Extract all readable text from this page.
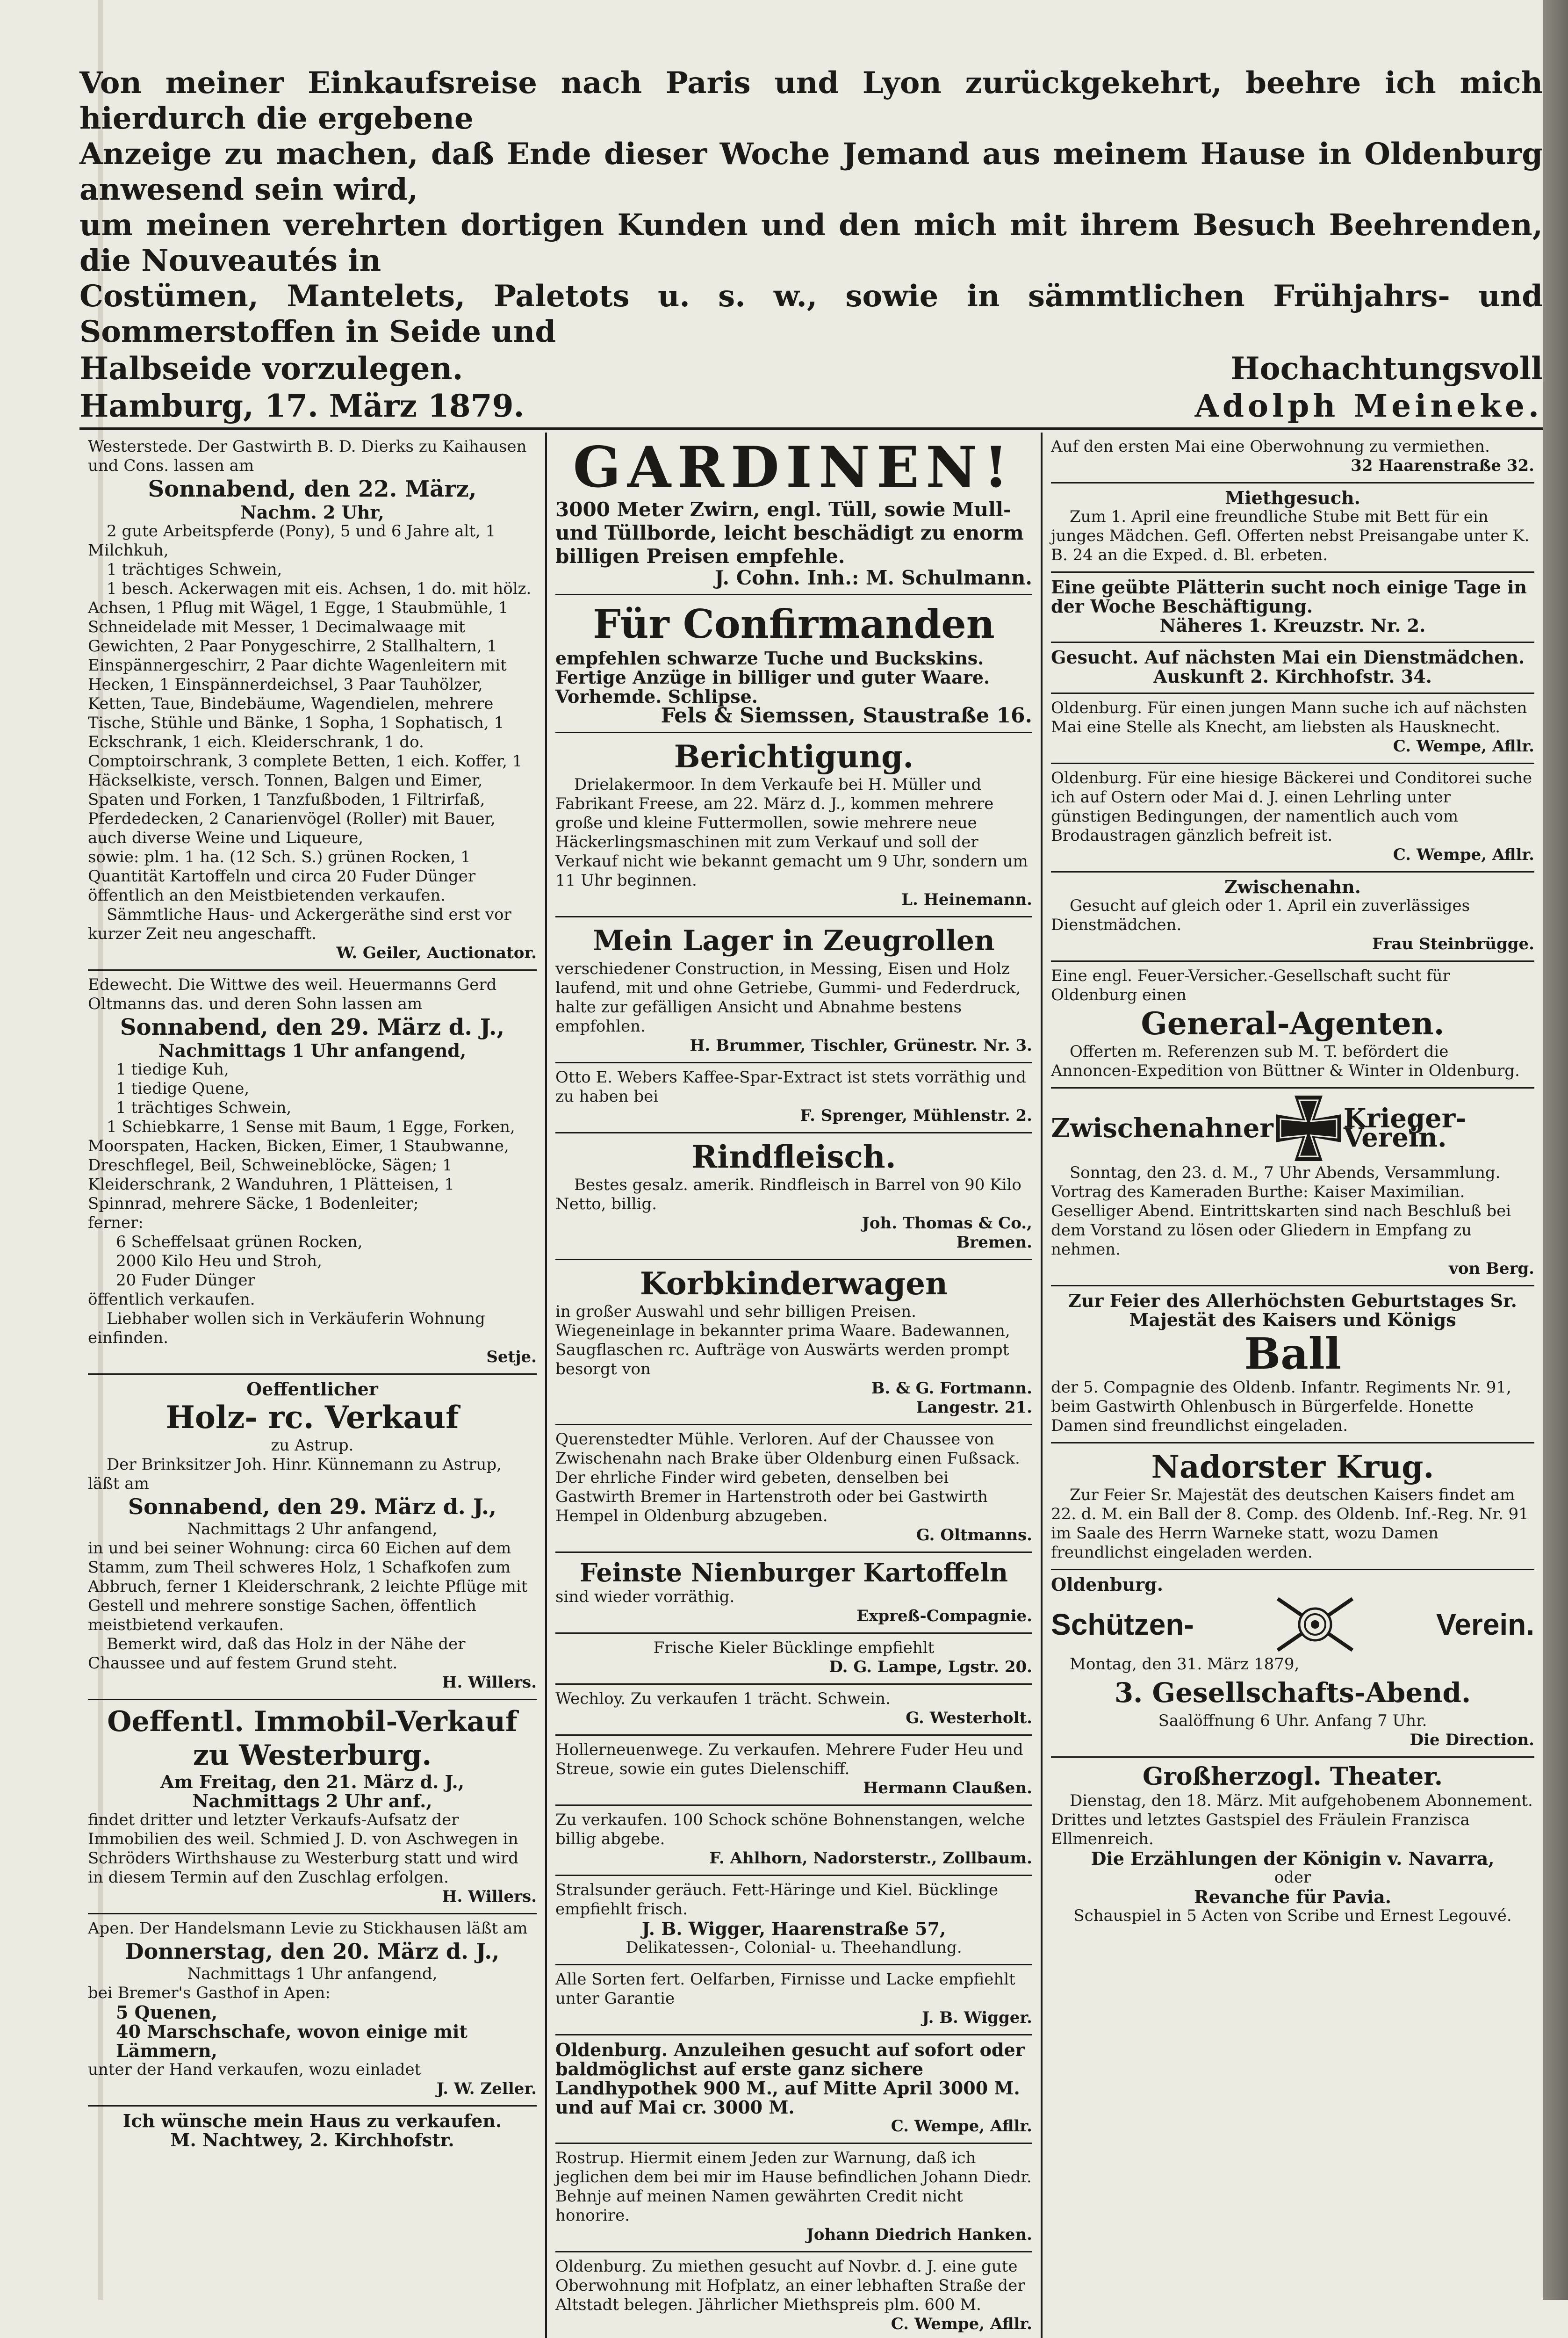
Von meiner Einkaufsreise nach Paris und Lyon zurückgekehrt, beehre ich mich hierdurch die ergebene

Anzeige zu machen, daß Ende dieser Woche Jemand aus meinem Hause in Oldenburg anwesend sein wird,

um meinen verehrten dortigen Kunden und den mich mit ihrem Besuch Beehrenden, die Nouveautés in

Costümen, Mantelets, Paletots u. s. w., sowie in sämmtlichen Frühjahrs- und Sommerstoffen in Seide und

Halbseide vorzulegen.	Hochachtungsvoll
Hamburg, 17. März 1879.	Adolph Meineke.

Westerstede. Der Gastwirth B. D. Dierks zu Kaihausen und Cons. lassen am

Sonnabend, den 22. März,

Nachm. 2 Uhr,

2 gute Arbeitspferde (Pony), 5 und 6 Jahre alt, 1 Milchkuh,

1 trächtiges Schwein,

1 besch. Ackerwagen mit eis. Achsen, 1 do. mit hölz. Achsen, 1 Pflug mit Wägel, 1 Egge, 1 Staubmühle, 1 Schneidelade mit Messer, 1 Decimalwaage mit Gewichten, 2 Paar Ponygeschirre, 2 Stallhaltern, 1 Einspännergeschirr, 2 Paar dichte Wagenleitern mit Hecken, 1 Einspännerdeichsel, 3 Paar Tauhölzer, Ketten, Taue, Bindebäume, Wagendielen, mehrere Tische, Stühle und Bänke, 1 Sopha, 1 Sophatisch, 1 Eckschrank, 1 eich. Kleiderschrank, 1 do. Comptoirschrank, 3 complete Betten, 1 eich. Koffer, 1 Häckselkiste, versch. Tonnen, Balgen und Eimer, Spaten und Forken, 1 Tanzfußboden, 1 Filtrirfaß, Pferdedecken, 2 Canarienvögel (Roller) mit Bauer, auch diverse Weine und Liqueure,

sowie: plm. 1 ha. (12 Sch. S.) grünen Rocken, 1 Quantität Kartoffeln und circa 20 Fuder Dünger öffentlich an den Meistbietenden verkaufen.

Sämmtliche Haus- und Ackergeräthe sind erst vor kurzer Zeit neu angeschafft.

W. Geiler, Auctionator.

Edewecht. Die Wittwe des weil. Heuermanns Gerd Oltmanns das. und deren Sohn lassen am

Sonnabend, den 29. März d. J.,

Nachmittags 1 Uhr anfangend,

1 tiedige Kuh,

1 tiedige Quene,

1 trächtiges Schwein,

1 Schiebkarre, 1 Sense mit Baum, 1 Egge, Forken, Moorspaten, Hacken, Bicken, Eimer, 1 Staubwanne, Dreschflegel, Beil, Schweineblöcke, Sägen; 1 Kleiderschrank, 2 Wanduhren, 1 Plätteisen, 1 Spinnrad, mehrere Säcke, 1 Bodenleiter;

ferner:

6 Scheffelsaat grünen Rocken,

2000 Kilo Heu und Stroh,

20 Fuder Dünger

öffentlich verkaufen.

Liebhaber wollen sich in Verkäuferin Wohnung einfinden.

Setje.

Oeffentlicher

Holz- rc. Verkauf

zu Astrup.

Der Brinksitzer Joh. Hinr. Künnemann zu Astrup, läßt am

Sonnabend, den 29. März d. J.,

Nachmittags 2 Uhr anfangend,

in und bei seiner Wohnung: circa 60 Eichen auf dem Stamm, zum Theil schweres Holz, 1 Schafkofen zum Abbruch, ferner 1 Kleiderschrank, 2 leichte Pflüge mit Gestell und mehrere sonstige Sachen, öffentlich meistbietend verkaufen.

Bemerkt wird, daß das Holz in der Nähe der Chaussee und auf festem Grund steht.

H. Willers.

Oeffentl. Immobil-Verkauf zu Westerburg.

Am Freitag, den 21. März d. J.,

Nachmittags 2 Uhr anf.,

findet dritter und letzter Verkaufs-Aufsatz der Immobilien des weil. Schmied J. D. von Aschwegen in Schröders Wirthshause zu Westerburg statt und wird in diesem Termin auf den Zuschlag erfolgen.

H. Willers.

Apen. Der Handelsmann Levie zu Stickhausen läßt am

Donnerstag, den 20. März d. J.,

Nachmittags 1 Uhr anfangend,

bei Bremer's Gasthof in Apen:

5 Quenen,

40 Marschschafe, wovon einige mit Lämmern,

unter der Hand verkaufen, wozu einladet

J. W. Zeller.

Ich wünsche mein Haus zu verkaufen.

M. Nachtwey, 2. Kirchhofstr.

GARDINEN!

3000 Meter Zwirn, engl. Tüll, sowie Mull- und Tüllborde, leicht beschädigt zu enorm billigen Preisen empfehle.

J. Cohn. Inh.: M. Schulmann.

Für Confirmanden

empfehlen schwarze Tuche und Buckskins. Fertige Anzüge in billiger und guter Waare. Vorhemde. Schlipse.

Fels & Siemssen, Staustraße 16.

Berichtigung.

Drielakermoor. In dem Verkaufe bei H. Müller und Fabrikant Freese, am 22. März d. J., kommen mehrere große und kleine Futtermollen, sowie mehrere neue Häckerlingsmaschinen mit zum Verkauf und soll der Verkauf nicht wie bekannt gemacht um 9 Uhr, sondern um 11 Uhr beginnen.

L. Heinemann.

Mein Lager in Zeugrollen

verschiedener Construction, in Messing, Eisen und Holz laufend, mit und ohne Getriebe, Gummi- und Federdruck, halte zur gefälligen Ansicht und Abnahme bestens empfohlen.

H. Brummer, Tischler, Grünestr. Nr. 3.

Otto E. Webers Kaffee-Spar-Extract ist stets vorräthig und zu haben bei

F. Sprenger, Mühlenstr. 2.

Rindfleisch.

Bestes gesalz. amerik. Rindfleisch in Barrel von 90 Kilo Netto, billig.

Joh. Thomas & Co.,

Bremen.

Korbkinderwagen

in großer Auswahl und sehr billigen Preisen. Wiegeneinlage in bekannter prima Waare. Badewannen, Saugflaschen rc. Aufträge von Auswärts werden prompt besorgt von

B. & G. Fortmann.

Langestr. 21.

Querenstedter Mühle. Verloren. Auf der Chaussee von Zwischenahn nach Brake über Oldenburg einen Fußsack. Der ehrliche Finder wird gebeten, denselben bei Gastwirth Bremer in Hartenstroth oder bei Gastwirth Hempel in Oldenburg abzugeben.

G. Oltmanns.

Feinste Nienburger Kartoffeln

sind wieder vorräthig.

Expreß-Compagnie.

Frische Kieler Bücklinge empfiehlt

D. G. Lampe, Lgstr. 20.

Wechloy. Zu verkaufen 1 trächt. Schwein.

G. Westerholt.

Hollerneuenwege. Zu verkaufen. Mehrere Fuder Heu und Streue, sowie ein gutes Dielenschiff.

Hermann Claußen.

Zu verkaufen. 100 Schock schöne Bohnenstangen, welche billig abgebe.

F. Ahlhorn, Nadorsterstr., Zollbaum.

Stralsunder geräuch. Fett-Häringe und Kiel. Bücklinge empfiehlt frisch.

J. B. Wigger, Haarenstraße 57,

Delikatessen-, Colonial- u. Theehandlung.

Alle Sorten fert. Oelfarben, Firnisse und Lacke empfiehlt unter Garantie

J. B. Wigger.

Oldenburg. Anzuleihen gesucht auf sofort oder baldmöglichst auf erste ganz sichere Landhypothek 900 M., auf Mitte April 3000 M. und auf Mai cr. 3000 M.

C. Wempe, Afllr.

Rostrup. Hiermit einem Jeden zur Warnung, daß ich jeglichen dem bei mir im Hause befindlichen Johann Diedr. Behnje auf meinen Namen gewährten Credit nicht honorire.

Johann Diedrich Hanken.

Oldenburg. Zu miethen gesucht auf Novbr. d. J. eine gute Oberwohnung mit Hofplatz, an einer lebhaften Straße der Altstadt belegen. Jährlicher Miethspreis plm. 600 M.

C. Wempe, Afllr.

Auf den ersten Mai eine Oberwohnung zu vermiethen.

32 Haarenstraße 32.

Miethgesuch.

Zum 1. April eine freundliche Stube mit Bett für ein junges Mädchen. Gefl. Offerten nebst Preisangabe unter K. B. 24 an die Exped. d. Bl. erbeten.

Eine geübte Plätterin sucht noch einige Tage in der Woche Beschäftigung.

Näheres 1. Kreuzstr. Nr. 2.

Gesucht. Auf nächsten Mai ein Dienstmädchen.

Auskunft 2. Kirchhofstr. 34.

Oldenburg. Für einen jungen Mann suche ich auf nächsten Mai eine Stelle als Knecht, am liebsten als Hausknecht.

C. Wempe, Afllr.

Oldenburg. Für eine hiesige Bäckerei und Conditorei suche ich auf Ostern oder Mai d. J. einen Lehrling unter günstigen Bedingungen, der namentlich auch vom Brodaustragen gänzlich befreit ist.

C. Wempe, Afllr.

Zwischenahn.

Gesucht auf gleich oder 1. April ein zuverlässiges Dienstmädchen.

Frau Steinbrügge.

Eine engl. Feuer-Versicher.-Gesellschaft sucht für Oldenburg einen

General-Agenten.

Offerten m. Referenzen sub M. T. befördert die Annoncen-Expedition von Büttner & Winter in Oldenburg.

Zwischenahner	Krieger-Verein.

Sonntag, den 23. d. M., 7 Uhr Abends, Versammlung. Vortrag des Kameraden Burthe: Kaiser Maximilian. Geselliger Abend. Eintrittskarten sind nach Beschluß bei dem Vorstand zu lösen oder Gliedern in Empfang zu nehmen.

von Berg.

Zur Feier des Allerhöchsten Geburtstages Sr. Majestät des Kaisers und Königs

Ball

der 5. Compagnie des Oldenb. Infantr. Regiments Nr. 91, beim Gastwirth Ohlenbusch in Bürgerfelde. Honette Damen sind freundlichst eingeladen.

Nadorster Krug.

Zur Feier Sr. Majestät des deutschen Kaisers findet am 22. d. M. ein Ball der 8. Comp. des Oldenb. Inf.-Reg. Nr. 91 im Saale des Herrn Warneke statt, wozu Damen freundlichst eingeladen werden.

Oldenburg.

Schützen-	Verein.

Montag, den 31. März 1879,

3. Gesellschafts-Abend.

Saalöffnung 6 Uhr. Anfang 7 Uhr.

Die Direction.

Großherzogl. Theater.

Dienstag, den 18. März. Mit aufgehobenem Abonnement. Drittes und letztes Gastspiel des Fräulein Franzisca Ellmenreich.

Die Erzählungen der Königin v. Navarra,

oder

Revanche für Pavia.

Schauspiel in 5 Acten von Scribe und Ernest Legouvé.
